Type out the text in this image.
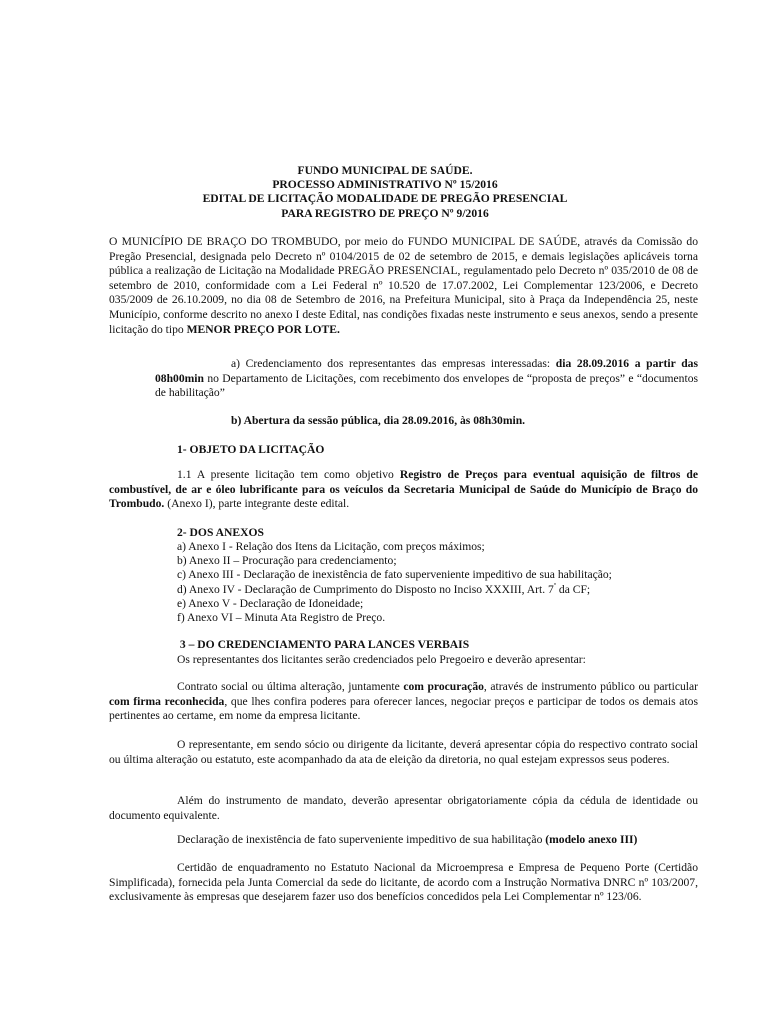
FUNDO MUNICIPAL DE SAÚDE.
PROCESSO ADMINISTRATIVO Nº 15/2016
EDITAL DE LICITAÇÃO MODALIDADE DE PREGÃO PRESENCIAL
PARA REGISTRO DE PREÇO Nº 9/2016
O MUNICÍPIO DE BRAÇO DO TROMBUDO, por meio do FUNDO MUNICIPAL DE SAÚDE, através da Comissão do Pregão Presencial, designada pelo Decreto nº 0104/2015 de 02 de setembro de 2015, e demais legislações aplicáveis torna pública a realização de Licitação na Modalidade PREGÃO PRESENCIAL, regulamentado pelo Decreto nº 035/2010 de 08 de setembro de 2010, conformidade com a Lei Federal nº 10.520 de 17.07.2002, Lei Complementar 123/2006, e Decreto 035/2009 de 26.10.2009, no dia 08 de Setembro de 2016, na Prefeitura Municipal, sito à Praça da Independência 25, neste Município, conforme descrito no anexo I deste Edital, nas condições fixadas neste instrumento e seus anexos, sendo a presente licitação do tipo MENOR PREÇO POR LOTE.
a) Credenciamento dos representantes das empresas interessadas: dia 28.09.2016 a partir das 08h00min no Departamento de Licitações, com recebimento dos envelopes de “proposta de preços” e “documentos de habilitação”
b) Abertura da sessão pública, dia 28.09.2016, às 08h30min.
1- OBJETO DA LICITAÇÃO
1.1 A presente licitação tem como objetivo Registro de Preços para eventual aquisição de filtros de combustível, de ar e óleo lubrificante para os veículos da Secretaria Municipal de Saúde do Município de Braço do Trombudo. (Anexo I), parte integrante deste edital.
2- DOS ANEXOS
a) Anexo I - Relação dos Itens da Licitação, com preços máximos;
b) Anexo II – Procuração para credenciamento;
c) Anexo III - Declaração de inexistência de fato superveniente impeditivo de sua habilitação;
d) Anexo IV - Declaração de Cumprimento do Disposto no Inciso XXXIII, Art. $7^º$ da CF;
e) Anexo V - Declaração de Idoneidade;
f) Anexo VI – Minuta Ata Registro de Preço.
3 – DO CREDENCIAMENTO PARA LANCES VERBAIS
Os representantes dos licitantes serão credenciados pelo Pregoeiro e deverão apresentar:
Contrato social ou última alteração, juntamente com procuração, através de instrumento público ou particular com firma reconhecida, que lhes confira poderes para oferecer lances, negociar preços e participar de todos os demais atos pertinentes ao certame, em nome da empresa licitante.
O representante, em sendo sócio ou dirigente da licitante, deverá apresentar cópia do respectivo contrato social ou última alteração ou estatuto, este acompanhado da ata de eleição da diretoria, no qual estejam expressos seus poderes.
Além do instrumento de mandato, deverão apresentar obrigatoriamente cópia da cédula de identidade ou documento equivalente.
Declaração de inexistência de fato superveniente impeditivo de sua habilitação (modelo anexo III)
Certidão de enquadramento no Estatuto Nacional da Microempresa e Empresa de Pequeno Porte (Certidão Simplificada), fornecida pela Junta Comercial da sede do licitante, de acordo com a Instrução Normativa DNRC nº 103/2007, exclusivamente às empresas que desejarem fazer uso dos benefícios concedidos pela Lei Complementar nº 123/06.
